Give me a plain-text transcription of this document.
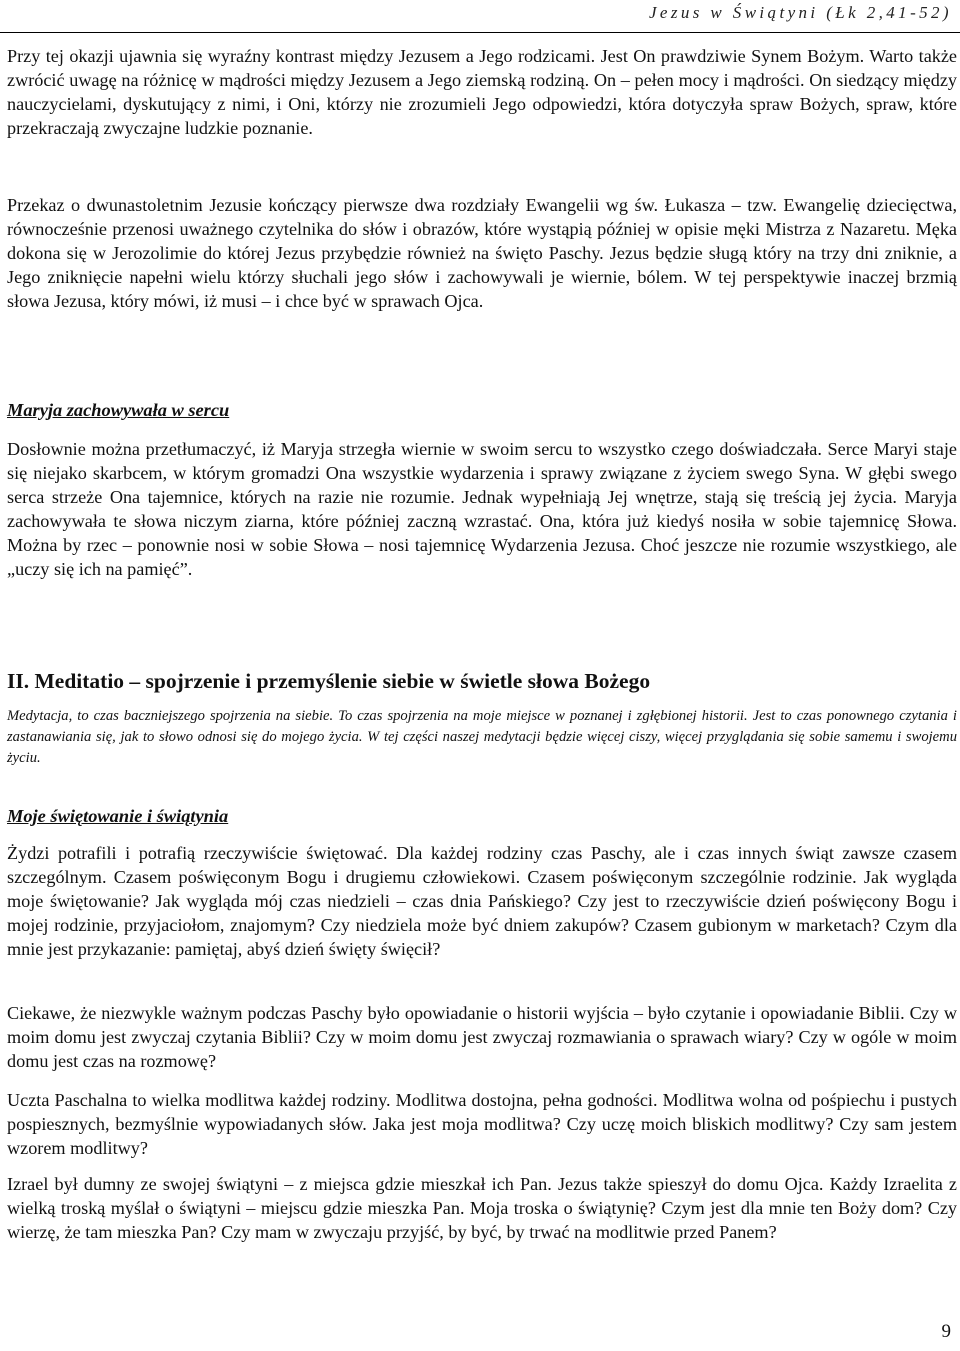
Jezus w Świątyni (Łk 2,41-52)

Przy tej okazji ujawnia się wyraźny kontrast między Jezusem a Jego rodzicami. Jest On prawdziwie Synem Bożym. Warto także zwrócić uwagę na różnicę w mądrości między Jezusem a Jego ziemską rodziną. On – pełen mocy i mądrości. On siedzący między nauczycielami, dyskutujący z nimi, i Oni, którzy nie zrozumieli Jego odpowiedzi, która dotyczyła spraw Bożych, spraw, które przekraczają zwyczajne ludzkie poznanie.

Przekaz o dwunastoletnim Jezusie kończący pierwsze dwa rozdziały Ewangelii wg św. Łukasza – tzw. Ewangelię dziecięctwa, równocześnie przenosi uważnego czytelnika do słów i obrazów, które wystąpią później w opisie męki Mistrza z Nazaretu. Męka dokona się w Jerozolimie do której Jezus przybędzie również na święto Paschy. Jezus będzie sługą który na trzy dni zniknie, a Jego zniknięcie napełni wielu którzy słuchali jego słów i zachowywali je wiernie, bólem. W tej perspektywie inaczej brzmią słowa Jezusa, który mówi, iż musi – i chce być w sprawach Ojca.

Maryja zachowywała w sercu

Dosłownie można przetłumaczyć, iż Maryja strzegła wiernie w swoim sercu to wszystko czego doświadczała. Serce Maryi staje się niejako skarbcem, w którym gromadzi Ona wszystkie wydarzenia i sprawy związane z życiem swego Syna. W głębi swego serca strzeże Ona tajemnice, których na razie nie rozumie. Jednak wypełniają Jej wnętrze, stają się treścią jej życia. Maryja zachowywała te słowa niczym ziarna, które później zaczną wzrastać. Ona, która już kiedyś nosiła w sobie tajemnicę Słowa. Można by rzec – ponownie nosi w sobie Słowa – nosi tajemnicę Wydarzenia Jezusa. Choć jeszcze nie rozumie wszystkiego, ale „uczy się ich na pamięć”.

II. Meditatio – spojrzenie i przemyślenie siebie w świetle słowa Bożego

Medytacja, to czas baczniejszego spojrzenia na siebie. To czas spojrzenia na moje miejsce w poznanej i zgłębionej historii. Jest to czas ponownego czytania i zastanawiania się, jak to słowo odnosi się do mojego życia. W tej części naszej medytacji będzie więcej ciszy, więcej przyglądania się sobie samemu i swojemu życiu.

Moje świętowanie i świątynia

Żydzi potrafili i potrafią rzeczywiście świętować. Dla każdej rodziny czas Paschy, ale i czas innych świąt zawsze czasem szczególnym. Czasem poświęconym Bogu i drugiemu człowiekowi. Czasem poświęconym szczególnie rodzinie. Jak wygląda moje świętowanie? Jak wygląda mój czas niedzieli – czas dnia Pańskiego? Czy jest to rzeczywiście dzień poświęcony Bogu i mojej rodzinie, przyjaciołom, znajomym? Czy niedziela może być dniem zakupów? Czasem gubionym w marketach? Czym dla mnie jest przykazanie: pamiętaj, abyś dzień święty święcił?

Ciekawe, że niezwykle ważnym podczas Paschy było opowiadanie o historii wyjścia – było czytanie i opowiadanie Biblii. Czy w moim domu jest zwyczaj czytania Biblii? Czy w moim domu jest zwyczaj rozmawiania o sprawach wiary? Czy w ogóle w moim domu jest czas na rozmowę?

Uczta Paschalna to wielka modlitwa każdej rodziny. Modlitwa dostojna, pełna godności. Modlitwa wolna od pośpiechu i pustych pospiesznych, bezmyślnie wypowiadanych słów. Jaka jest moja modlitwa? Czy uczę moich bliskich modlitwy? Czy sam jestem wzorem modlitwy?

Izrael był dumny ze swojej świątyni – z miejsca gdzie mieszkał ich Pan. Jezus także spieszył do domu Ojca. Każdy Izraelita z wielką troską myślał o świątyni – miejscu gdzie mieszka Pan. Moja troska o świątynię? Czym jest dla mnie ten Boży dom? Czy wierzę, że tam mieszka Pan? Czy mam w zwyczaju przyjść, by być, by trwać na modlitwie przed Panem?

9
